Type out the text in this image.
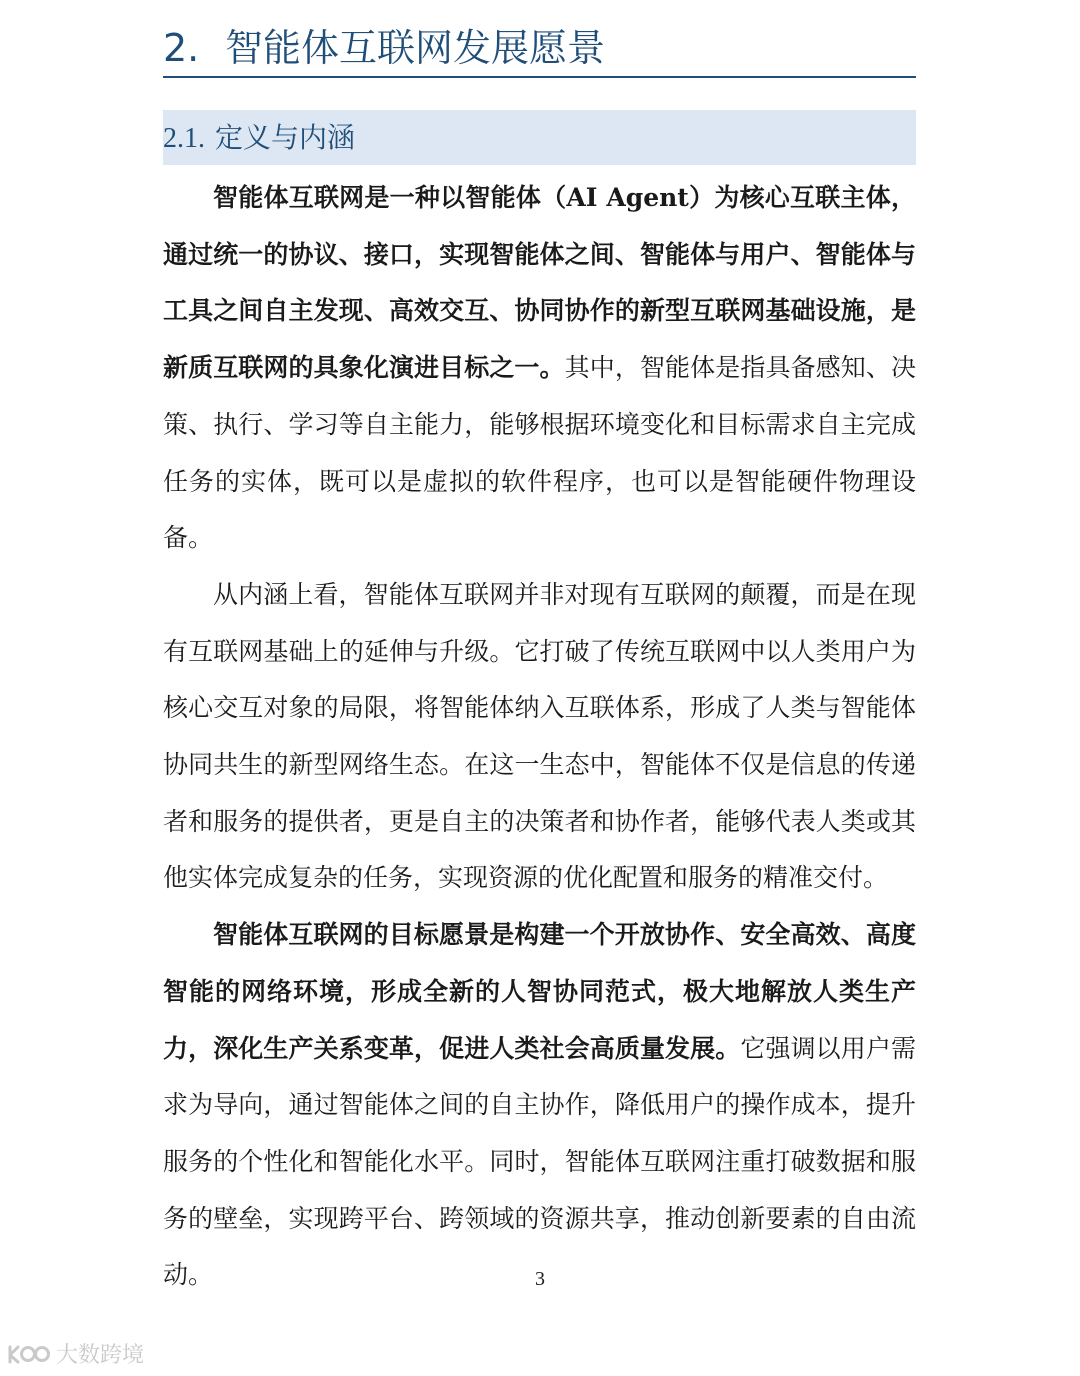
2. 智能体互联网发展愿景
2.1. 定义与内涵

智能体互联网是一种以智能体（AI Agent）为核心互联主体，通过统一的协议、接口，实现智能体之间、智能体与用户、智能体与工具之间自主发现、高效交互、协同协作的新型互联网基础设施，是新质互联网的具象化演进目标之一。其中，智能体是指具备感知、决策、执行、学习等自主能力，能够根据环境变化和目标需求自主完成任务的实体，既可以是虚拟的软件程序，也可以是智能硬件物理设备。

从内涵上看，智能体互联网并非对现有互联网的颠覆，而是在现有互联网基础上的延伸与升级。它打破了传统互联网中以人类用户为核心交互对象的局限，将智能体纳入互联体系，形成了人类与智能体协同共生的新型网络生态。在这一生态中，智能体不仅是信息的传递者和服务的提供者，更是自主的决策者和协作者，能够代表人类或其他实体完成复杂的任务，实现资源的优化配置和服务的精准交付。

智能体互联网的目标愿景是构建一个开放协作、安全高效、高度智能的网络环境，形成全新的人智协同范式，极大地解放人类生产力，深化生产关系变革，促进人类社会高质量发展。它强调以用户需求为导向，通过智能体之间的自主协作，降低用户的操作成本，提升服务的个性化和智能化水平。同时，智能体互联网注重打破数据和服务的壁垒，实现跨平台、跨领域的资源共享，推动创新要素的自由流动。	3
大数跨境
